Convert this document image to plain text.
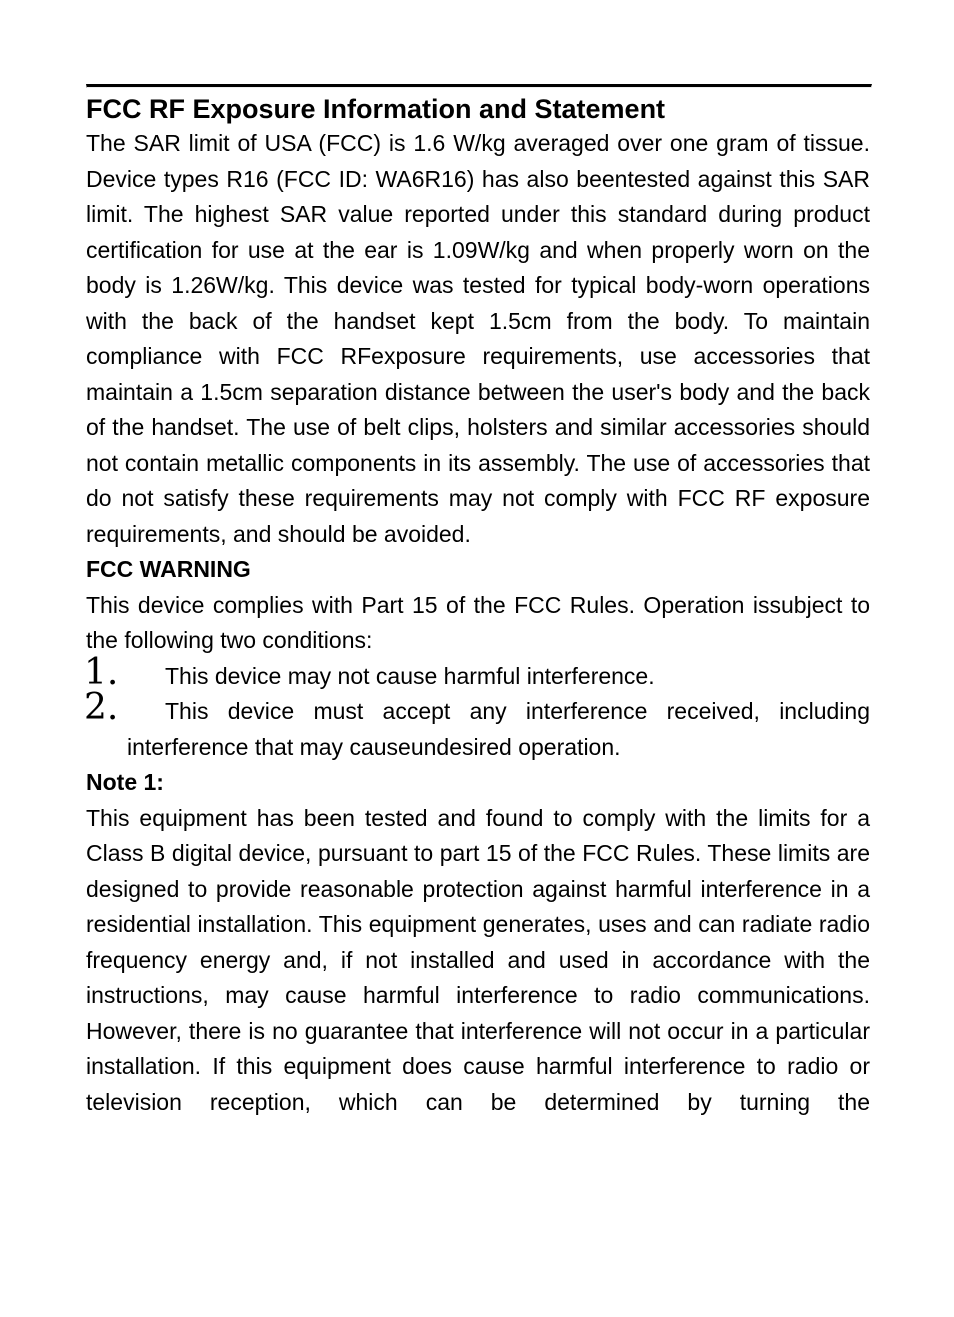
FCC RF Exposure Information and Statement

The SAR limit of USA (FCC) is 1.6 W/kg averaged over one gram of tissue. Device types R16 (FCC ID: WA6R16) has also beentested against this SAR limit. The highest SAR value reported under this standard during product certification for use at the ear is 1.09W/kg and when properly worn on the body is 1.26W/kg. This device was tested for typical body-worn operations with the back of the handset kept 1.5cm from the body. To maintain compliance with FCC RFexposure requirements, use accessories that maintain a 1.5cm separation distance between the user's body and the back of the handset. The use of belt clips, holsters and similar accessories should not contain metallic components in its assembly. The use of accessories that do not satisfy these requirements may not comply with FCC RF exposure requirements, and should be avoided.

FCC WARNING

This device complies with Part 15 of the FCC Rules. Operation issubject to the following two conditions:

1.	This device may not cause harmful interference.
2.	This device must accept any interference received, including
interference that may causeundesired operation.
Note 1:

This equipment has been tested and found to comply with the limits for a Class B digital device, pursuant to part 15 of the FCC Rules. These limits are designed to provide reasonable protection against harmful interference in a residential installation. This equipment generates, uses and can radiate radio frequency energy and, if not installed and used in accordance with the instructions, may cause harmful interference to radio communications. However, there is no guarantee that interference will not occur in a particular installation. If this equipment does cause harmful interference to radio or television reception, which can be determined by turning the
